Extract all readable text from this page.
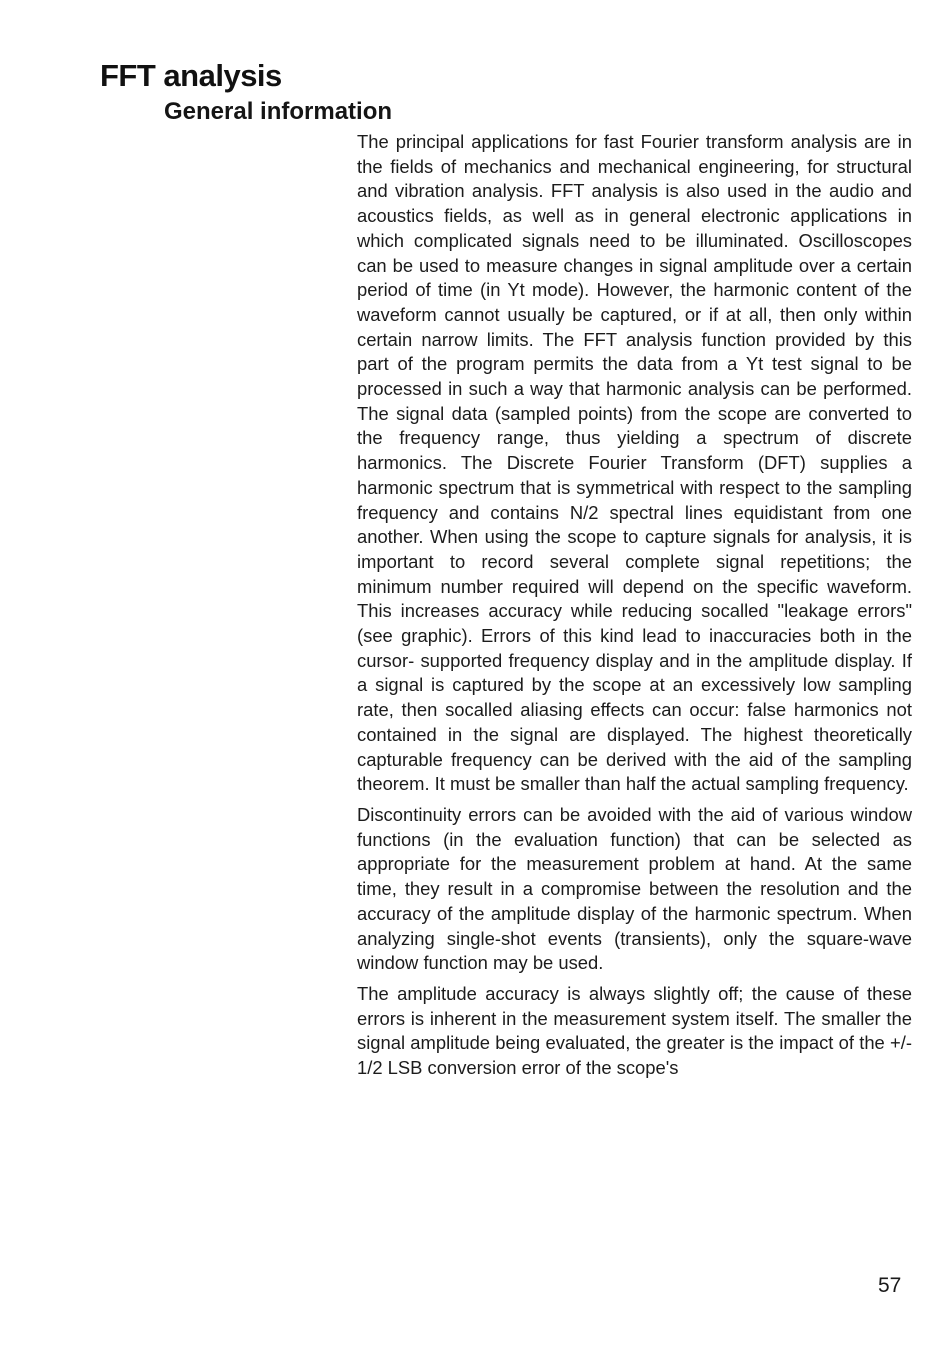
FFT analysis
General information

The principal applications for fast Fourier transform analysis are in the fields of mechanics and mechanical engineering, for structural and vibration analysis. FFT analysis is also used in the audio and acoustics fields, as well as in general electronic applications in which complicated signals need to be illuminated. Oscilloscopes can be used to measure changes in signal amplitude over a certain period of time (in Yt mode). However, the harmonic content of the waveform cannot usually be captured, or if at all, then only within certain narrow limits. The FFT analysis function provided by this part of the program permits the data from a Yt test signal to be processed in such a way that harmonic analysis can be performed. The signal data (sampled points) from the scope are converted to the frequency range, thus yielding a spectrum of discrete harmonics. The Discrete Fourier Transform (DFT) supplies a harmonic spectrum that is symmetrical with respect to the sampling frequency and contains N/2 spectral lines equidistant from one another. When using the scope to capture signals for analysis, it is important to record several complete signal repetitions; the minimum number required will depend on the specific waveform. This increases accuracy while reducing socalled "leakage errors" (see graphic). Errors of this kind lead to inaccuracies both in the cursor- supported frequency display and in the amplitude display. If a signal is captured by the scope at an excessively low sampling rate, then socalled aliasing effects can occur: false harmonics not contained in the signal are displayed. The highest theoretically capturable frequency can be derived with the aid of the sampling theorem. It must be smaller than half the actual sampling frequency.

Discontinuity errors can be avoided with the aid of various window functions (in the evaluation function) that can be selected as appropriate for the measurement problem at hand. At the same time, they result in a compromise between the resolution and the accuracy of the amplitude display of the harmonic spectrum. When analyzing single-shot events (transients), only the square-wave window function may be used.

The amplitude accuracy is always slightly off; the cause of these errors is inherent in the measurement system itself. The smaller the signal amplitude being evaluated, the greater is the impact of the +/- 1/2 LSB conversion error of the scope's

57
